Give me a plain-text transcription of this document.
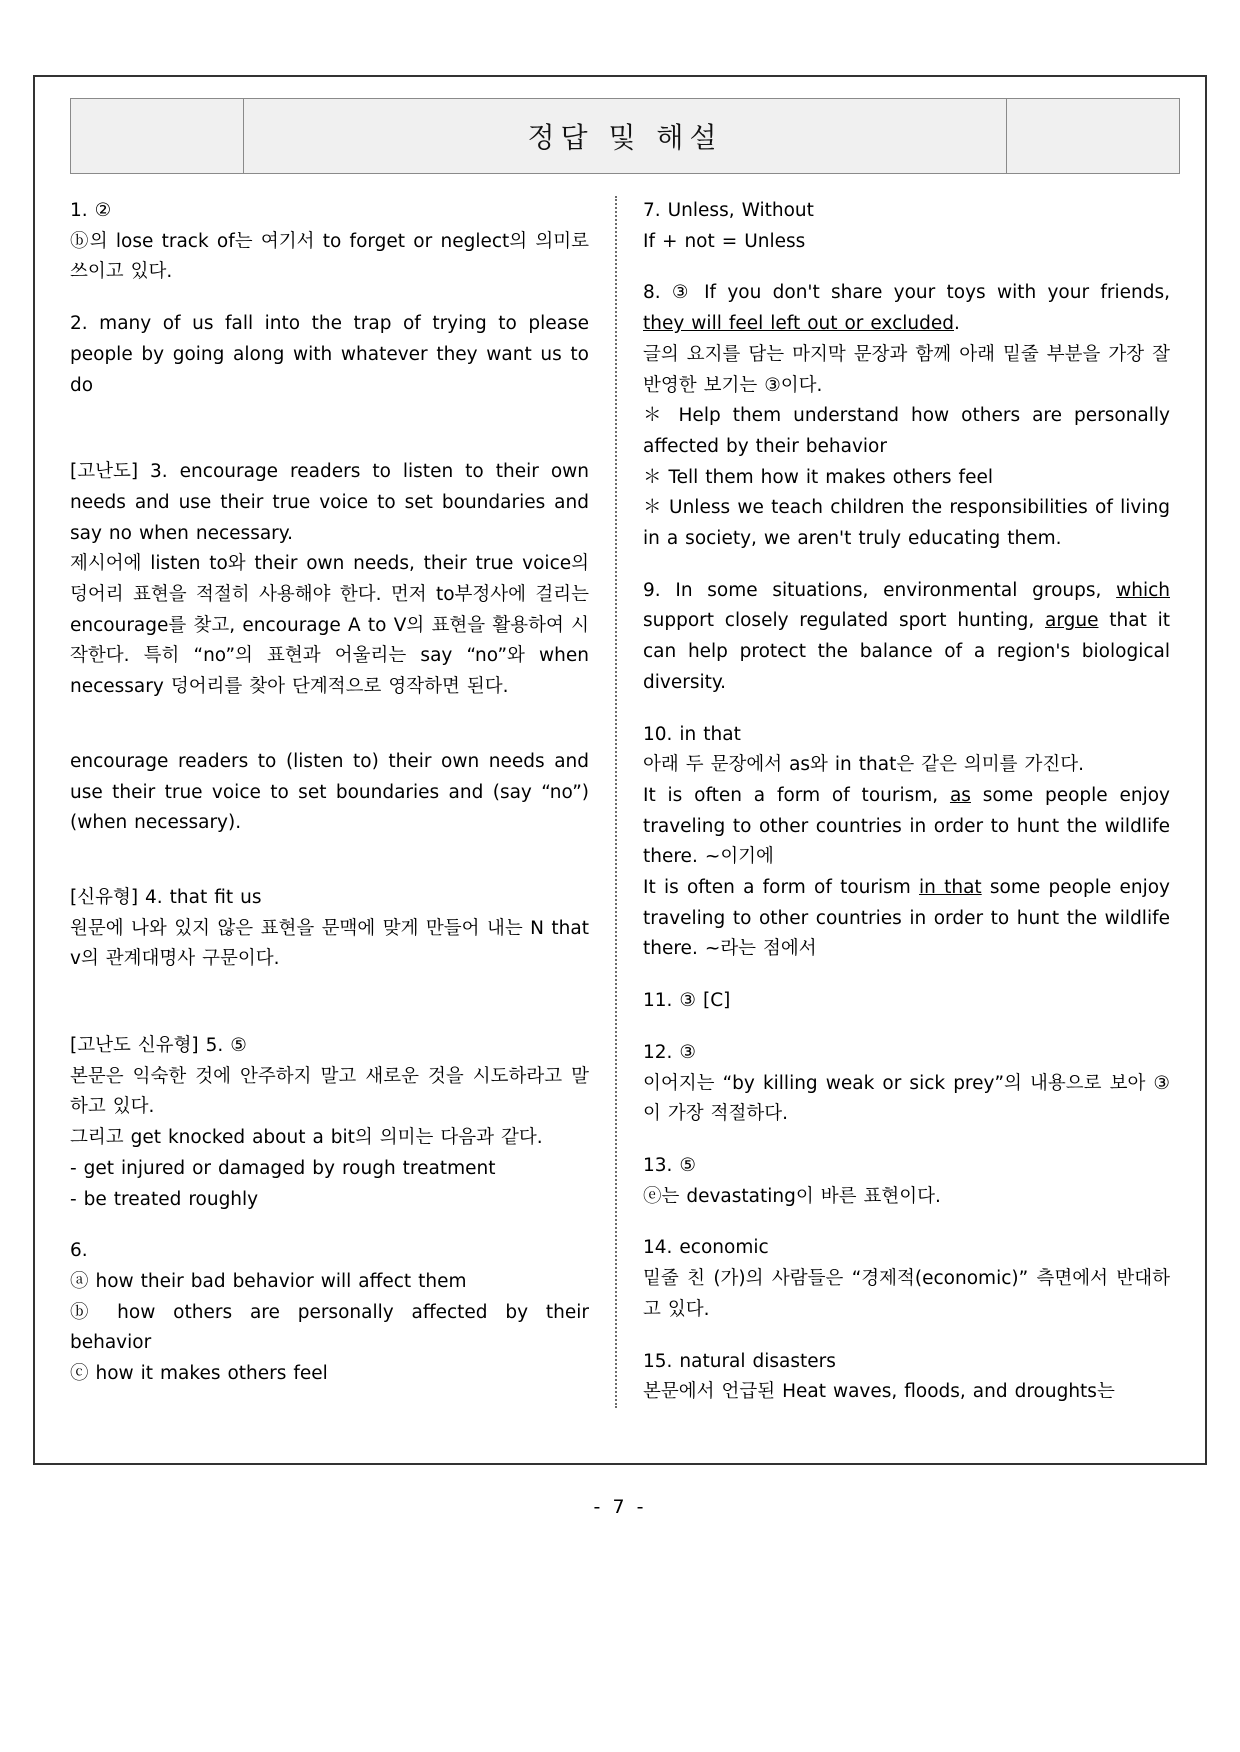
	정답 및 해설	

1. ②

ⓑ의 lose track of는 여기서 to forget or neglect의 의미로 쓰이고 있다.

2. many of us fall into the trap of trying to please people by going along with whatever they want us to do

[고난도] 3. encourage readers to listen to their own needs and use their true voice to set boundaries and say no when necessary.

제시어에 listen to와 their own needs, their true voice의 덩어리 표현을 적절히 사용해야 한다. 먼저 to부정사에 걸리는 encourage를 찾고, encourage A to V의 표현을 활용하여 시작한다. 특히 “no”의 표현과 어울리는 say “no”와 when necessary 덩어리를 찾아 단계적으로 영작하면 된다.

encourage readers to (listen to) their own needs and use their true voice to set boundaries and (say “no”) (when necessary).

[신유형] 4. that fit us

원문에 나와 있지 않은 표현을 문맥에 맞게 만들어 내는 N that v의 관계대명사 구문이다.

[고난도 신유형] 5. ⑤

본문은 익숙한 것에 안주하지 말고 새로운 것을 시도하라고 말하고 있다.

그리고 get knocked about a bit의 의미는 다음과 같다.

- get injured or damaged by rough treatment

- be treated roughly

6.

ⓐ how their bad behavior will affect them

ⓑ how others are personally affected by their behavior

ⓒ how it makes others feel

7. Unless, Without

If + not = Unless

8. ③ If you don't share your toys with your friends, they will feel left out or excluded.

글의 요지를 담는 마지막 문장과 함께 아래 밑줄 부분을 가장 잘 반영한 보기는 ③이다.

＊ Help them understand how others are personally affected by their behavior

＊ Tell them how it makes others feel

＊ Unless we teach children the responsibilities of living in a society, we aren't truly educating them.

9. In some situations, environmental groups, which support closely regulated sport hunting, argue that it can help protect the balance of a region's biological diversity.

10. in that

아래 두 문장에서 as와 in that은 같은 의미를 가진다.

It is often a form of tourism, as some people enjoy traveling to other countries in order to hunt the wildlife there. ~이기에

It is often a form of tourism in that some people enjoy traveling to other countries in order to hunt the wildlife there. ~라는 점에서

11. ③ [C]

12. ③

이어지는 “by killing weak or sick prey”의 내용으로 보아 ③이 가장 적절하다.

13. ⑤

ⓔ는 devastating이 바른 표현이다.

14. economic

밑줄 친 (가)의 사람들은 “경제적(economic)” 측면에서 반대하고 있다.

15. natural disasters

본문에서 언급된 Heat waves, floods, and droughts는

- 7 -
